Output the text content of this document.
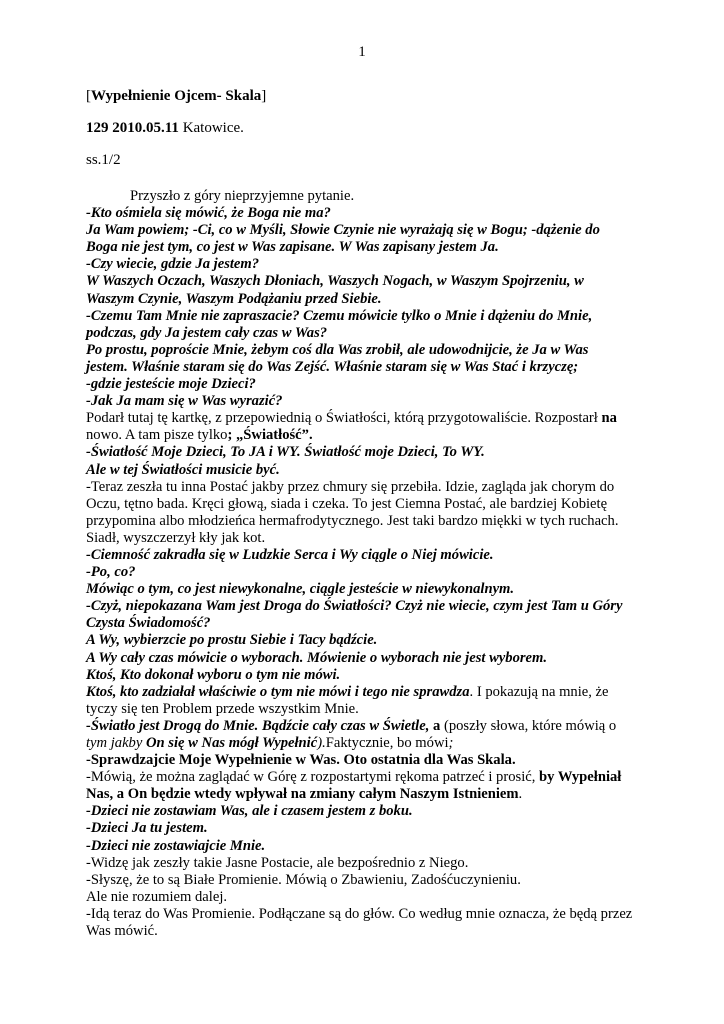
1
[Wypełnienie Ojcem- Skala]
129 2010.05.11 Katowice.
ss.1/2
Przyszło z góry nieprzyjemne pytanie.
-Kto ośmiela się mówić, że Boga nie ma?
Ja Wam powiem; -Ci, co w Myśli, Słowie Czynie nie wyrażają się w Bogu; -dążenie do
Boga nie jest tym, co jest w Was zapisane. W Was zapisany jestem Ja.
-Czy wiecie, gdzie Ja jestem?
W Waszych Oczach, Waszych Dłoniach, Waszych Nogach, w Waszym Spojrzeniu, w
Waszym Czynie, Waszym Podążaniu przed Siebie.
-Czemu Tam Mnie nie zapraszacie? Czemu mówicie tylko o Mnie i dążeniu do Mnie,
podczas, gdy Ja jestem cały czas w Was?
Po prostu, poproście Mnie, żebym coś dla Was zrobił, ale udowodnijcie, że Ja w Was
jestem. Właśnie staram się do Was Zejść. Właśnie staram się w Was Stać i krzyczę;
-gdzie jesteście moje Dzieci?
-Jak Ja mam się w Was wyrazić?
Podarł tutaj tę kartkę, z przepowiednią o Światłości, którą przygotowaliście. Rozpostarł na
nowo. A tam pisze tylko; „Światłość”.
-Światłość Moje Dzieci, To JA i WY. Światłość moje Dzieci, To WY.
Ale w tej Światłości musicie być.
-Teraz zeszła tu inna Postać jakby przez chmury się przebiła. Idzie, zagląda jak chorym do
Oczu, tętno bada. Kręci głową, siada i czeka. To jest Ciemna Postać, ale bardziej Kobietę
przypomina albo młodzieńca hermafrodytycznego. Jest taki bardzo miękki w tych ruchach.
Siadł, wyszczerzył kły jak kot.
-Ciemność zakradła się w Ludzkie Serca i Wy ciągle o Niej mówicie.
-Po, co?
Mówiąc o tym, co jest niewykonalne, ciągle jesteście w niewykonalnym.
-Czyż, niepokazana Wam jest Droga do Światłości? Czyż nie wiecie, czym jest Tam u Góry
Czysta Świadomość?
A Wy, wybierzcie po prostu Siebie i Tacy bądźcie.
A Wy cały czas mówicie o wyborach. Mówienie o wyborach nie jest wyborem.
Ktoś, Kto dokonał wyboru o tym nie mówi.
Ktoś, kto zadziałał właściwie o tym nie mówi i tego nie sprawdza. I pokazują na mnie, że
tyczy się ten Problem przede wszystkim Mnie.
-Światło jest Drogą do Mnie. Bądźcie cały czas w Świetle, a (poszły słowa, które mówią o
tym jakby On się w Nas mógł Wypełnić).Faktycznie, bo mówi;
-Sprawdzajcie Moje Wypełnienie w Was. Oto ostatnia dla Was Skala.
-Mówią, że można zaglądać w Górę z rozpostartymi rękoma patrzeć i prosić, by Wypełniał
Nas, a On będzie wtedy wpływał na zmiany całym Naszym Istnieniem.
-Dzieci nie zostawiam Was, ale i czasem jestem z boku.
-Dzieci Ja tu jestem.
-Dzieci nie zostawiajcie Mnie.
-Widzę jak zeszły takie Jasne Postacie, ale bezpośrednio z Niego.
-Słyszę, że to są Białe Promienie. Mówią o Zbawieniu, Zadośćuczynieniu.
Ale nie rozumiem dalej.
-Idą teraz do Was Promienie. Podłączane są do głów. Co według mnie oznacza, że będą przez
Was mówić.
